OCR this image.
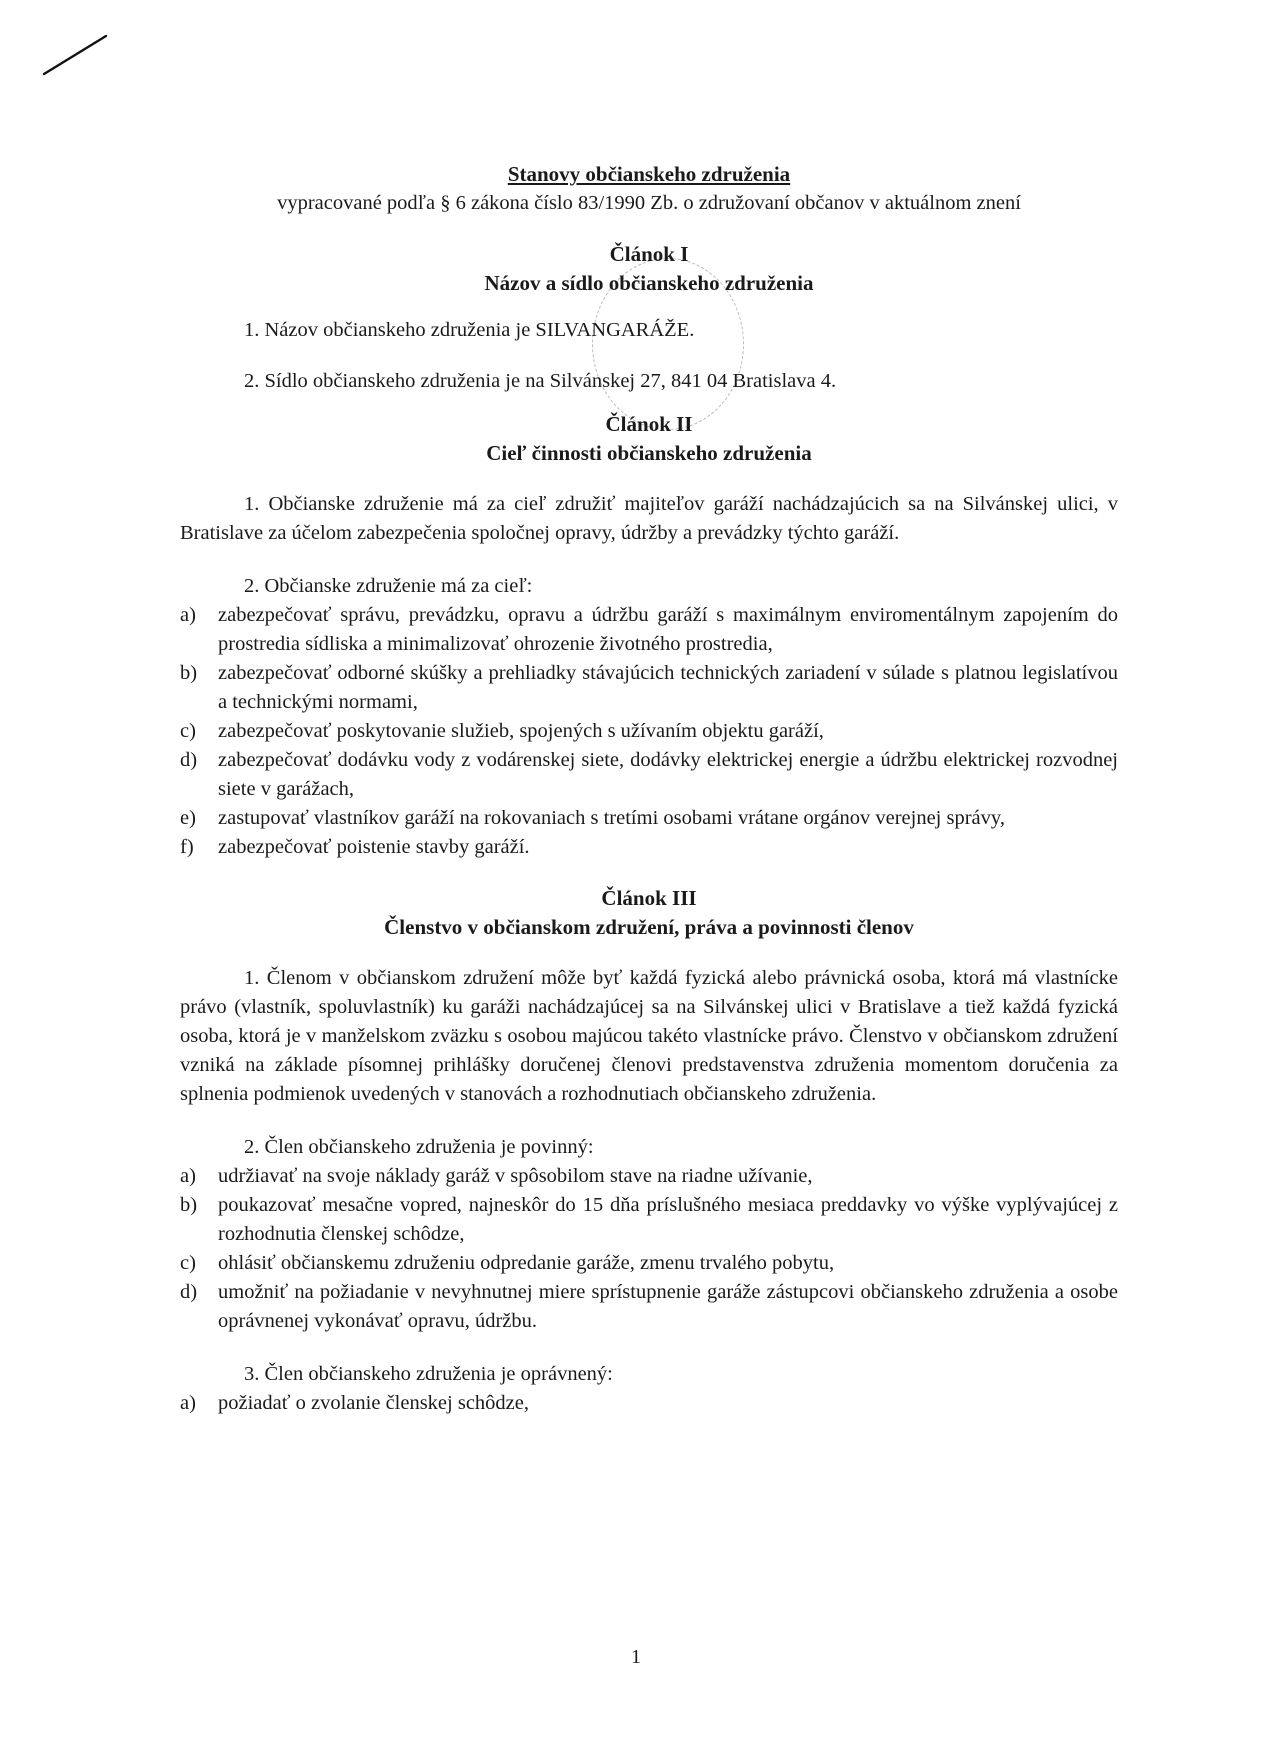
Stanovy občianskeho združenia
vypracované podľa § 6 zákona číslo 83/1990 Zb. o združovaní občanov v aktuálnom znení
Článok I
Názov a sídlo občianskeho združenia

1. Názov občianskeho združenia je SILVANGARÁŽE.

2. Sídlo občianskeho združenia je na Silvánskej 27, 841 04 Bratislava 4.

Článok II
Cieľ činnosti občianskeho združenia

1. Občianske združenie má za cieľ združiť majiteľov garáží nachádzajúcich sa na Silvánskej ulici, v Bratislave za účelom zabezpečenia spoločnej opravy, údržby a prevádzky týchto garáží.

2. Občianske združenie má za cieľ:
a)	zabezpečovať správu, prevádzku, opravu a údržbu garáží s maximálnym enviromentálnym zapojením do prostredia sídliska a minimalizovať ohrozenie životného prostredia,
b)	zabezpečovať odborné skúšky a prehliadky stávajúcich technických zariadení v súlade s platnou legislatívou a technickými normami,
c)	zabezpečovať poskytovanie služieb, spojených s užívaním objektu garáží,
d)	zabezpečovať dodávku vody z vodárenskej siete, dodávky elektrickej energie a údržbu elektrickej rozvodnej siete v garážach,
e)	zastupovať vlastníkov garáží na rokovaniach s tretími osobami vrátane orgánov verejnej správy,
f)	zabezpečovať poistenie stavby garáží.
Článok III
Členstvo v občianskom združení, práva a povinnosti členov

1. Členom v občianskom združení môže byť každá fyzická alebo právnická osoba, ktorá má vlastnícke právo (vlastník, spoluvlastník) ku garáži nachádzajúcej sa na Silvánskej ulici v Bratislave a tiež každá fyzická osoba, ktorá je v manželskom zväzku s osobou majúcou takéto vlastnícke právo. Členstvo v občianskom združení vzniká na základe písomnej prihlášky doručenej členovi predstavenstva združenia momentom doručenia za splnenia podmienok uvedených v stanovách a rozhodnutiach občianskeho združenia.

2. Člen občianskeho združenia je povinný:
a)	udržiavať na svoje náklady garáž v spôsobilom stave na riadne užívanie,
b)	poukazovať mesačne vopred, najneskôr do 15 dňa príslušného mesiaca preddavky vo výške vyplývajúcej z rozhodnutia členskej schôdze,
c)	ohlásiť občianskemu združeniu odpredanie garáže, zmenu trvalého pobytu,
d)	umožniť na požiadanie v nevyhnutnej miere sprístupnenie garáže zástupcovi občianskeho združenia a osobe oprávnenej vykonávať opravu, údržbu.
3. Člen občianskeho združenia je oprávnený:
a)	požiadať o zvolanie členskej schôdze,
1
